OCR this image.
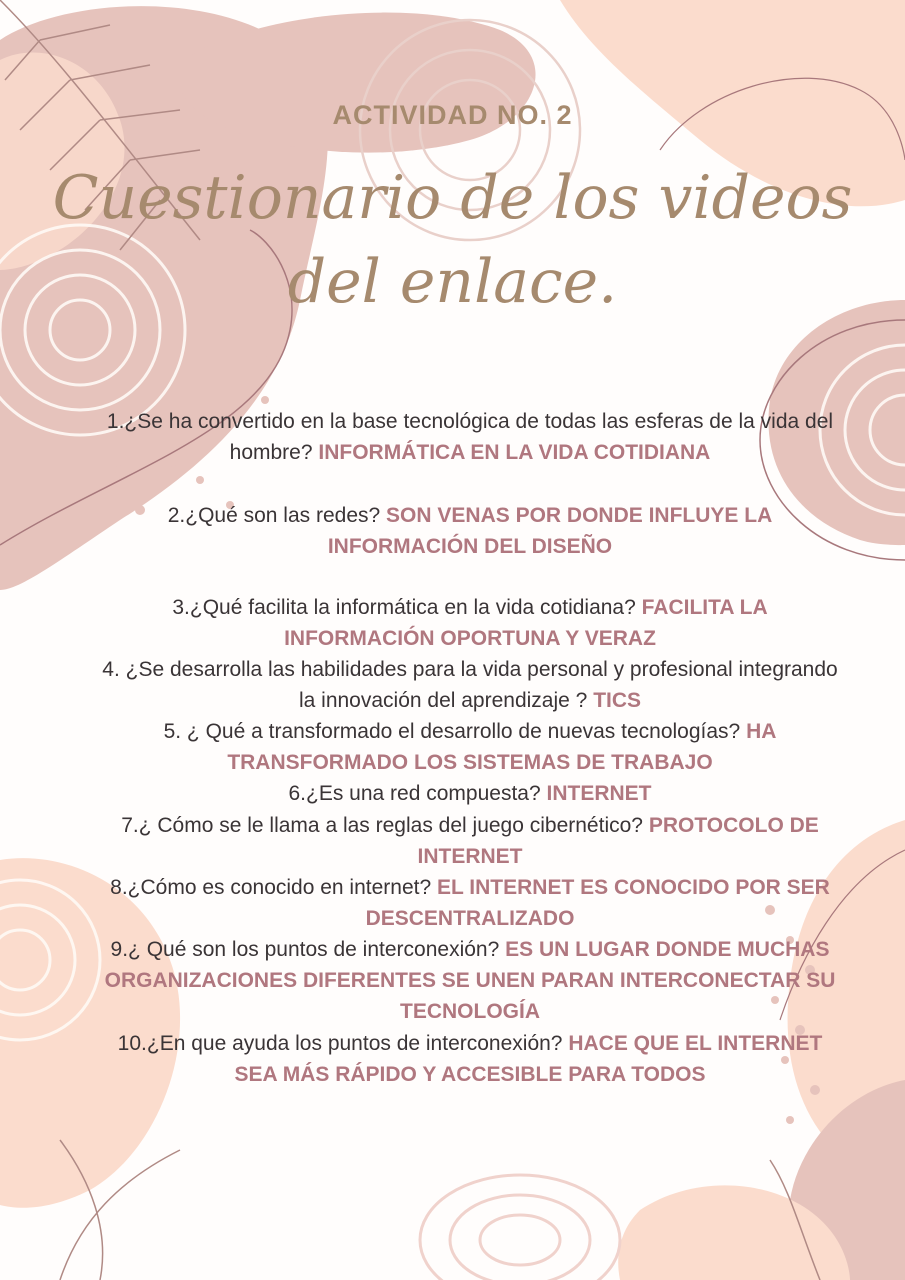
ACTIVIDAD NO. 2

Cuestionario de los videos

del enlace.

1.¿Se ha convertido en la base tecnológica de todas las esferas de la vida del hombre? INFORMÁTICA EN LA VIDA COTIDIANA

2.¿Qué son las redes? SON VENAS POR DONDE INFLUYE LA INFORMACIÓN DEL DISEÑO

3.¿Qué facilita la informática en la vida cotidiana? FACILITA LA INFORMACIÓN OPORTUNA Y VERAZ

4. ¿Se desarrolla las habilidades para la vida personal y profesional integrando la innovación del aprendizaje ? TICS

5. ¿ Qué a transformado el desarrollo de nuevas tecnologías? HA TRANSFORMADO LOS SISTEMAS DE TRABAJO

6.¿Es una red compuesta? INTERNET

7.¿ Cómo se le llama a las reglas del juego cibernético? PROTOCOLO DE INTERNET

8.¿Cómo es conocido en internet? EL INTERNET ES CONOCIDO POR SER DESCENTRALIZADO

9.¿ Qué son los puntos de interconexión? ES UN LUGAR DONDE MUCHAS ORGANIZACIONES DIFERENTES SE UNEN PARAN INTERCONECTAR SU TECNOLOGÍA

10.¿En que ayuda los puntos de interconexión? HACE QUE EL INTERNET SEA MÁS RÁPIDO Y ACCESIBLE PARA TODOS
